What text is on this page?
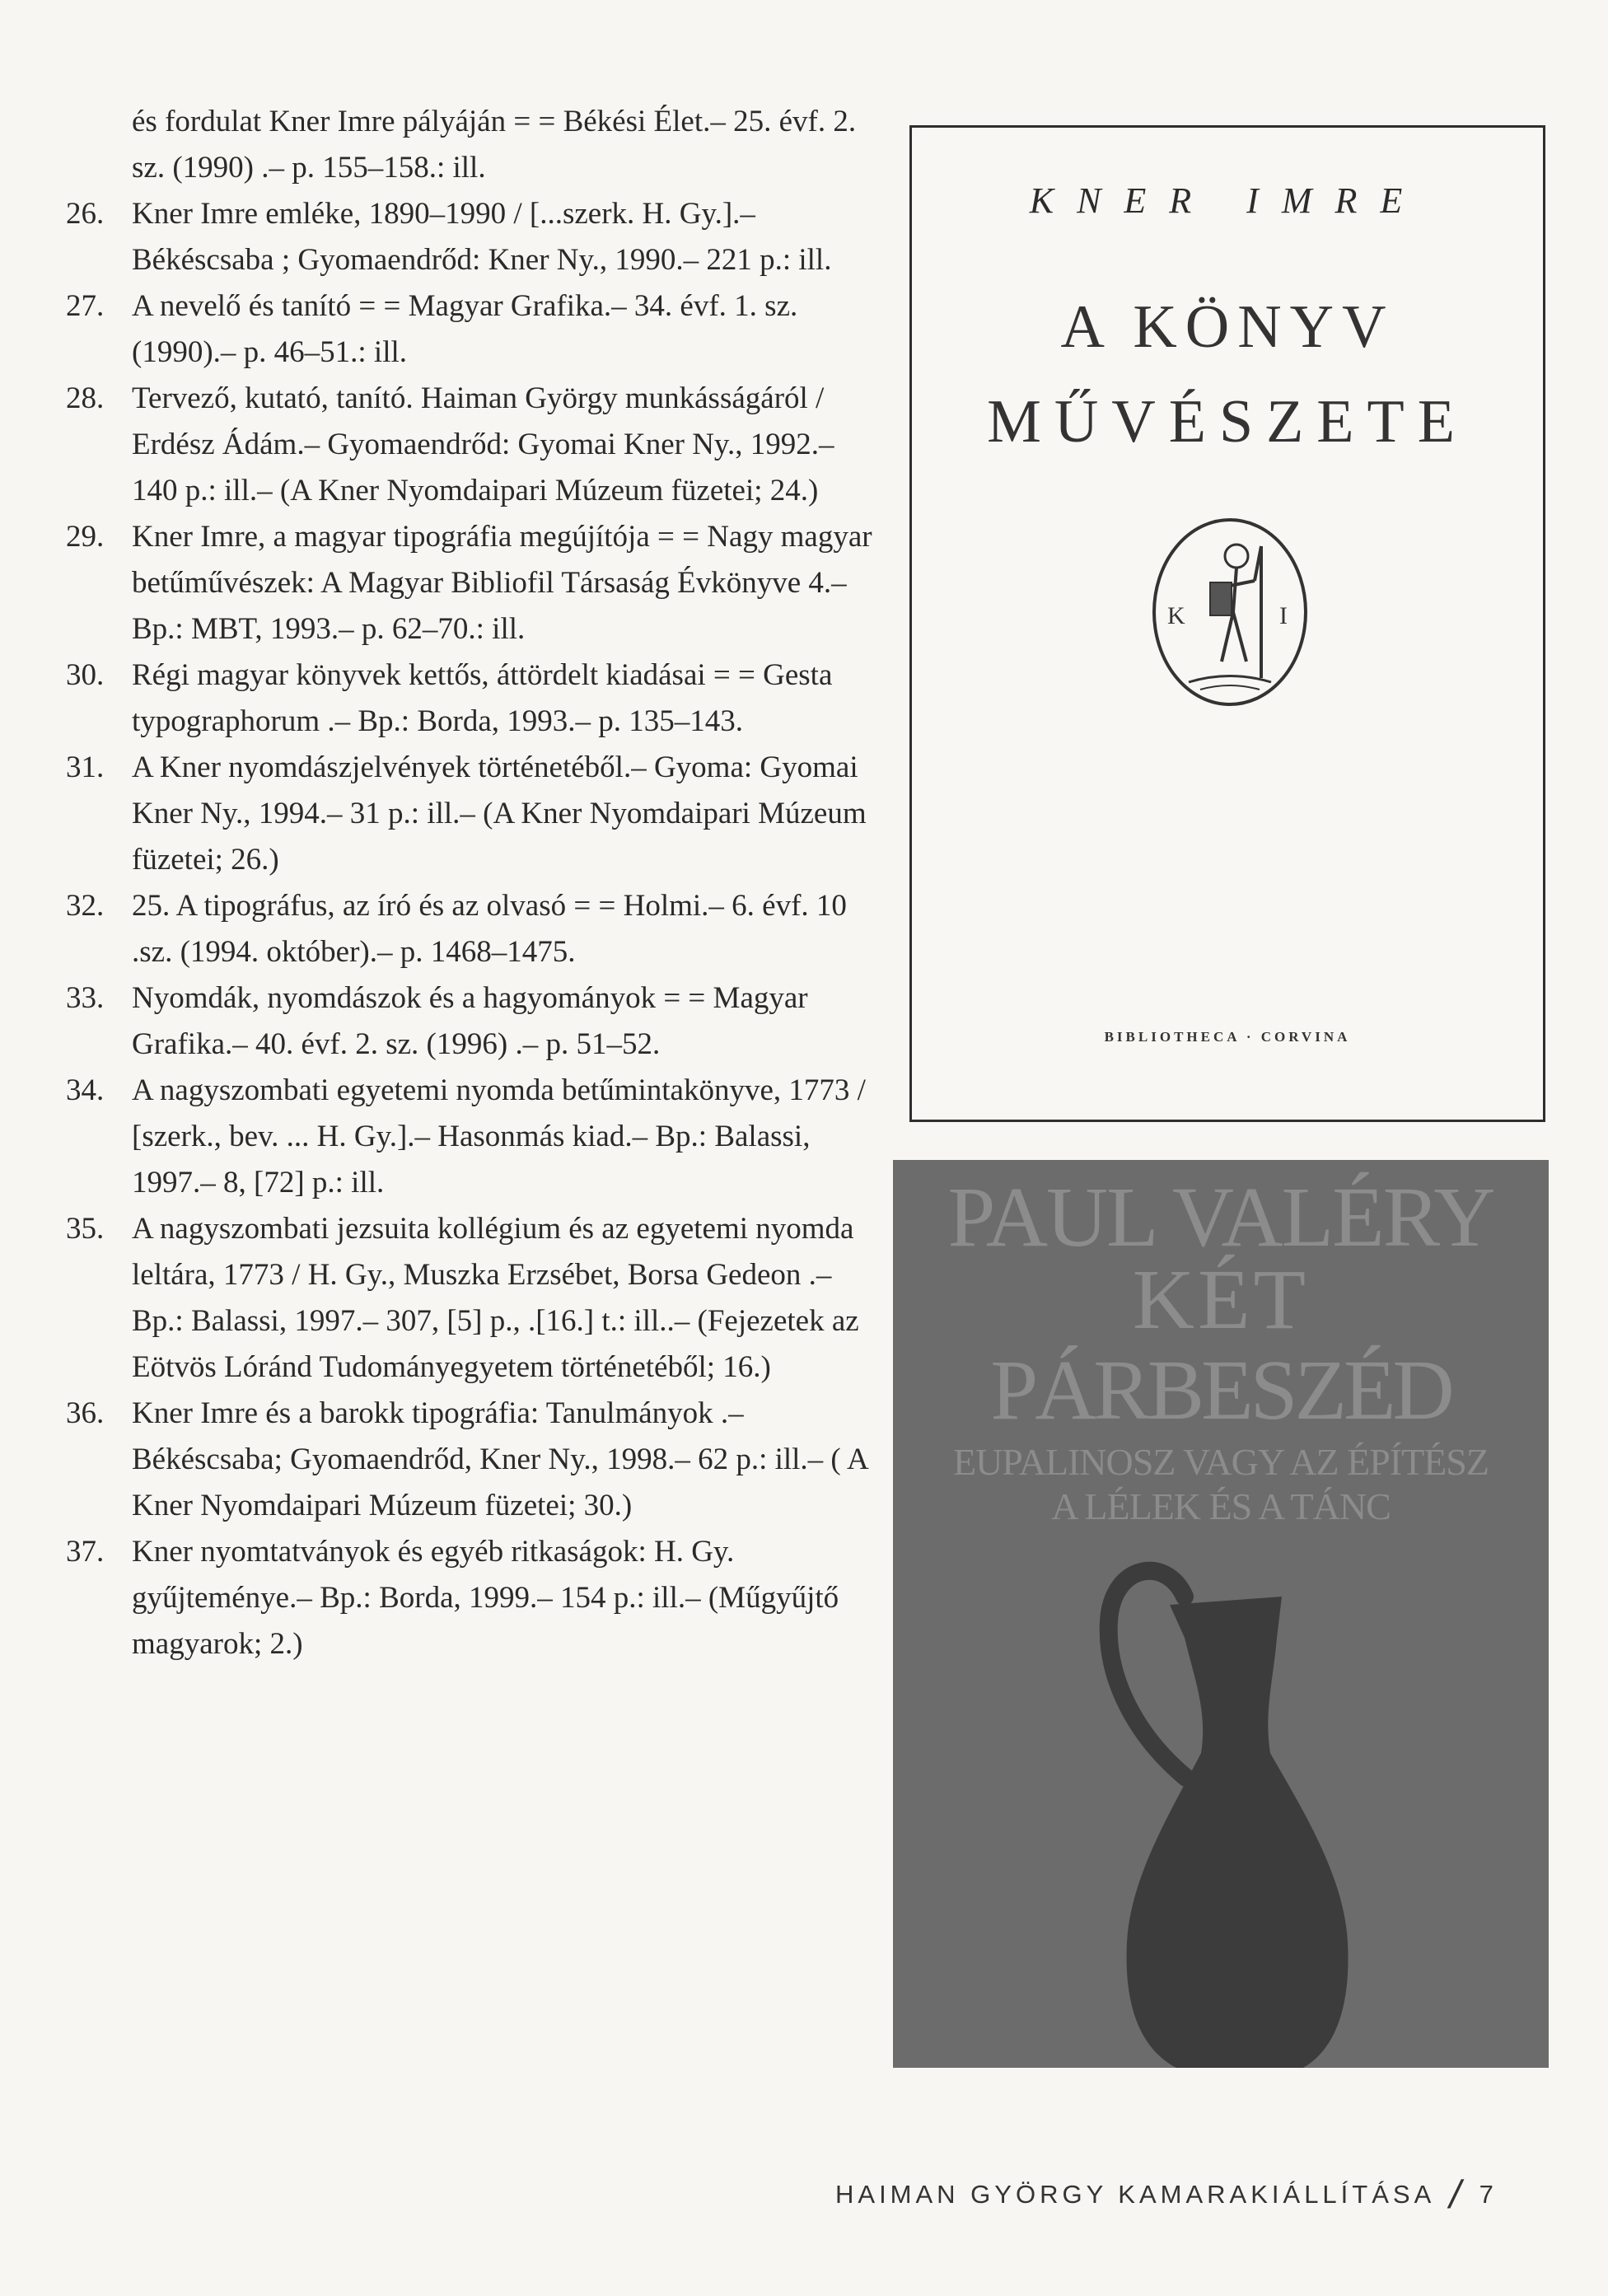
és fordulat Kner Imre pályáján = = Békési Élet.– 25. évf. 2. sz. (1990) .– p. 155–158.: ill.
26. Kner Imre emléke, 1890–1990 / [...szerk. H. Gy.].– Békéscsaba ; Gyomaendrőd: Kner Ny., 1990.– 221 p.: ill.
27. A nevelő és tanító = = Magyar Grafika.– 34. évf. 1. sz. (1990).– p. 46–51.: ill.
28. Tervező, kutató, tanító. Haiman György munkásságáról / Erdész Ádám.– Gyomaendrőd: Gyomai Kner Ny., 1992.– 140 p.: ill.– (A Kner Nyomdaipari Múzeum füzetei; 24.)
29. Kner Imre, a magyar tipográfia megújítója = = Nagy magyar betűművészek: A Magyar Bibliofil Társaság Évkönyve 4.– Bp.: MBT, 1993.– p. 62–70.: ill.
30. Régi magyar könyvek kettős, áttördelt kiadásai = = Gesta typographorum .– Bp.: Borda, 1993.– p. 135–143.
31. A Kner nyomdászjelvények történetéből.– Gyoma: Gyomai Kner Ny., 1994.– 31 p.: ill.– (A Kner Nyomdaipari Múzeum füzetei; 26.)
32. 25. A tipográfus, az író és az olvasó = = Holmi.– 6. évf. 10 .sz. (1994. október).– p. 1468–1475.
33. Nyomdák, nyomdászok és a hagyományok = = Magyar Grafika.– 40. évf. 2. sz. (1996) .– p. 51–52.
34. A nagyszombati egyetemi nyomda betűmintakönyve, 1773 / [szerk., bev. ... H. Gy.].– Hasonmás kiad.– Bp.: Balassi, 1997.– 8, [72] p.: ill.
35. A nagyszombati jezsuita kollégium és az egyetemi nyomda leltára, 1773 / H. Gy., Muszka Erzsébet, Borsa Gedeon .– Bp.: Balassi, 1997.– 307, [5] p., .[16.] t.: ill..– (Fejezetek az Eötvös Lóránd Tudományegyetem történetéből; 16.)
36. Kner Imre és a barokk tipográfia: Tanulmányok .– Békéscsaba; Gyomaendrőd, Kner Ny., 1998.– 62 p.: ill.– ( A Kner Nyomdaipari Múzeum füzetei; 30.)
37. Kner nyomtatványok és egyéb ritkaságok: H. Gy. gyűjteménye.– Bp.: Borda, 1999.– 154 p.: ill.– (Műgyűjtő magyarok; 2.)
KNER IMRE
A KÖNYV
MŰVÉSZETE
K	I
BIBLIOTHECA · CORVINA
PAUL VALÉRY
KÉT
PÁRBESZÉD
EUPALINOSZ VAGY AZ ÉPÍTÉSZ
A LÉLEK ÉS A TÁNC
HAIMAN GYÖRGY KAMARAKIÁLLÍTÁSA / 7
